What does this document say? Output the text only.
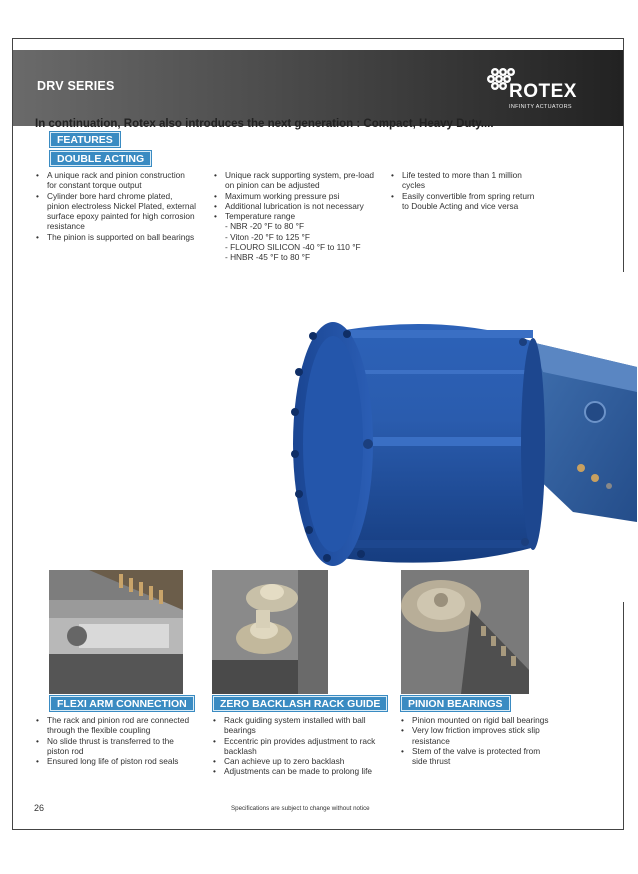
DRV SERIES	ROTEX
INFINITY ACTUATORS
In continuation, Rotex also introduces the next generation : Compact, Heavy Duty....
FEATURES
DOUBLE ACTING
• A unique rack and pinion construction for constant torque output
• Cylinder bore hard chrome plated, pinion electroless Nickel Plated, external surface epoxy painted for high corrosion resistance
• The pinion is supported on ball bearings
• Unique rack supporting system, pre-load on pinion can be adjusted
• Maximum working pressure psi
• Additional lubrication is not necessary
• Temperature range
- NBR -20 °F to 80 °F
- Viton -20 °F to 125 °F
- FLOURO SILICON -40 °F to 110 °F
- HNBR -45 °F to 80 °F
• Life tested to more than 1 million cycles
• Easily convertible from spring return to Double Acting and vice versa
FLEXI ARM CONNECTION	ZERO BACKLASH RACK GUIDE	PINION BEARINGS
• The rack and pinion rod are connected through the flexible coupling
• No slide thrust is transferred to the piston rod
• Ensured long life of piston rod seals
• Rack guiding system installed with ball bearings
• Eccentric pin provides adjustment to rack backlash
• Can achieve up to zero backlash
• Adjustments can be made to prolong life
• Pinion mounted on rigid ball bearings
• Very low friction improves stick slip resistance
• Stem of the valve is protected from side thrust
26	Specifications are subject to change without notice
